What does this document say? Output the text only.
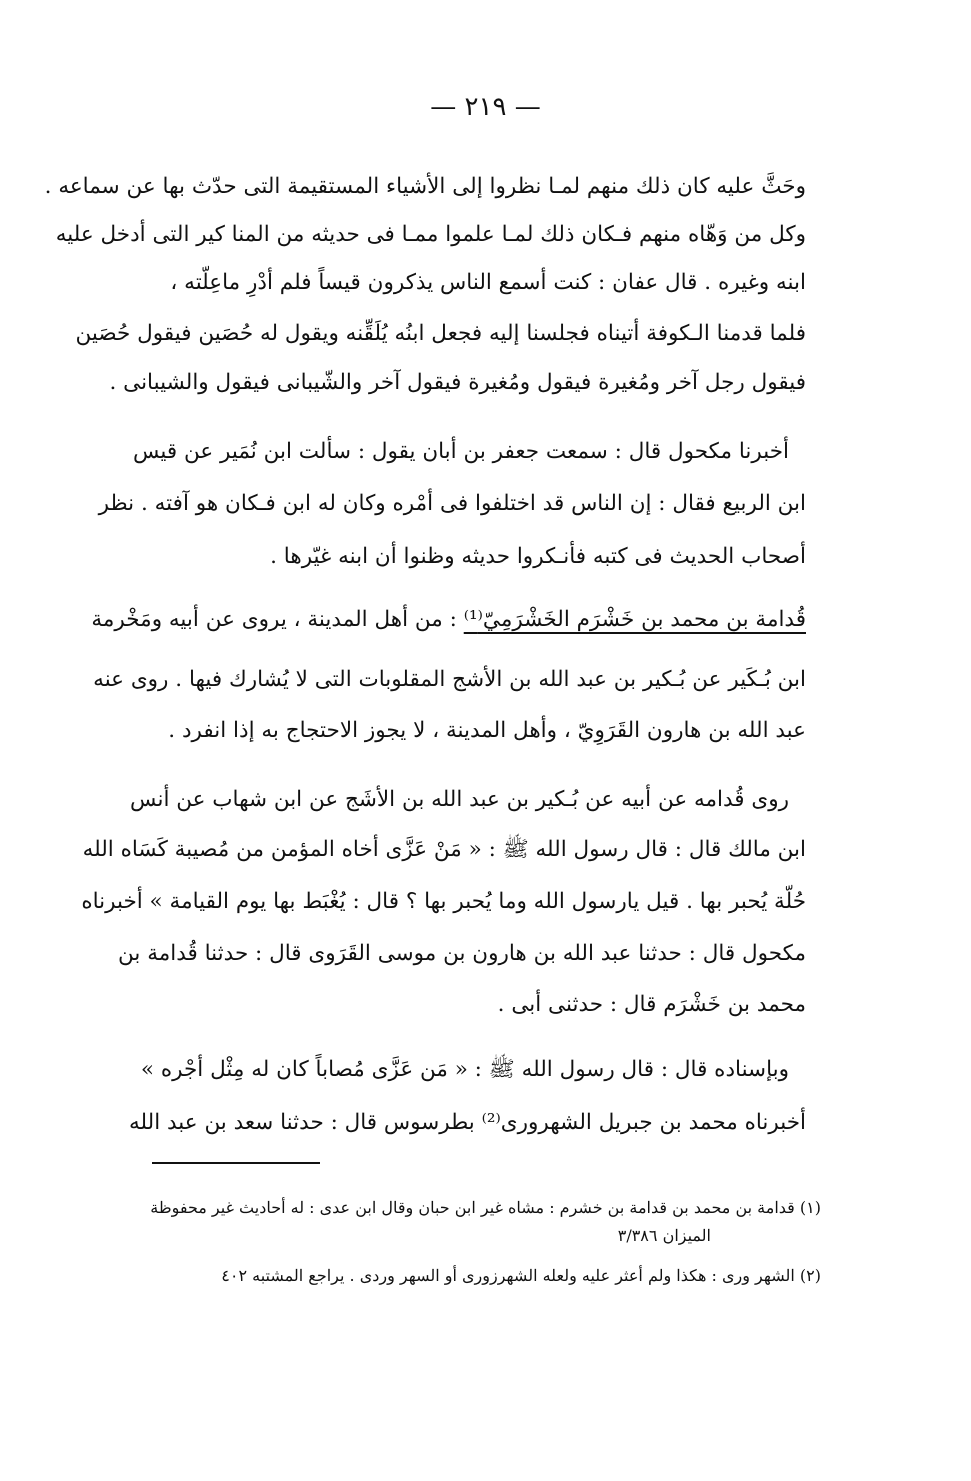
— ٢١٩ —
وحَثَّ عليه كان ذلك منهم لمـا نظروا إلى الأشياء المستقيمة التى حدّث بها عن سماعه .
وكل من وَهّاه منهم فـكان ذلك لمـا علموا ممـا فى حديثه من المنا كير التى أدخل عليه
ابنه وغيره . قال عفان : كنت أسمع الناس يذكرون قيساً فلم أدْرِ ماعِلّته ،
فلما قدمنا الـكوفة أتيناه فجلسنا إليه فجعل ابنُه يُلَقِّنه ويقول له حُصَين فيقول حُصَين
فيقول رجل آخر ومُغيرة فيقول ومُغيرة فيقول آخر والشّيبانى فيقول والشيبانى .
أخبرنا مكحول قال : سمعت جعفر بن أبان يقول : سألت ابن نُمَير عن قيس
ابن الربيع فقال : إن الناس قد اختلفوا فى أمْره وكان له ابن فـكان هو آفته . نظر
أصحاب الحديث فى كتبه فأنـكروا حديثه وظنوا أن ابنه غيّرها .
قُدامة بن محمد بن خَشْرَم الخَشْرَمِيّ⁽¹⁾ : من أهل المدينة ، يروى عن أبيه ومَخْرمة
ابن بُـكَير عن بُـكير بن عبد الله بن الأشج المقلوبات التى لا يُشارك فيها . روى عنه
عبد الله بن هارون القَرَوِيّ ، وأهل المدينة ، لا يجوز الاحتجاج به إذا انفرد .
روى قُدامه عن أبيه عن بُـكير بن عبد الله بن الأشَج عن ابن شهاب عن أنس
ابن مالك قال : قال رسول الله ﷺ : « مَنْ عَزَّى أخاه المؤمن من مُصيبة كَسَاه الله
حُلّة يُحبر بها . قيل يارسول الله وما يُحبر بها ؟ قال : يُغْبَط بها يوم القيامة » أخبرناه
مكحول قال : حدثنا عبد الله بن هارون بن موسى القَرَوى قال : حدثنا قُدامة بن
محمد بن خَشْرَم قال : حدثنى أبى .
وبإسناده قال : قال رسول الله ﷺ : « مَن عَزَّى مُصاباً كان له مِثْل أجْره »
أخبرناه محمد بن جبريل الشهرورى⁽²⁾ بطرسوس قال : حدثنا سعد بن عبد الله
(١) قدامة بن محمد بن قدامة بن خشرم : مشاه غير ابن حبان وقال ابن عدى : له أحاديث غير محفوظة
الميزان ٣/٣٨٦
(٢) الشهر ورى : هكذا ولم أعثر عليه ولعله الشهرزورى أو السهر وردى . يراجع المشتبه ٤٠٢
